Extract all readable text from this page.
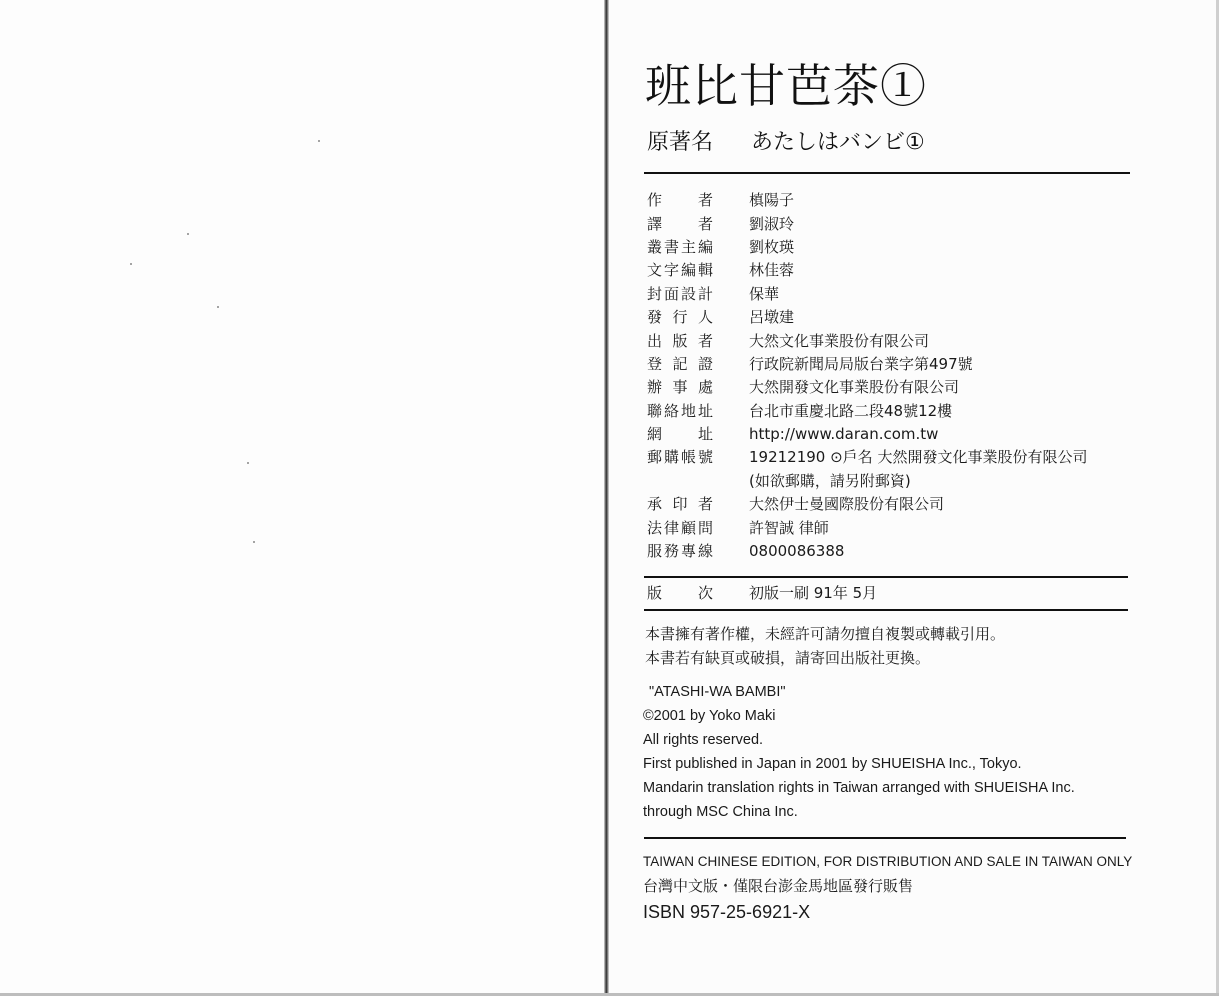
班比甘芭茶①
原著名 あたしはバンビ①
作者 槙陽子
譯者 劉淑玲
叢書主編 劉枚瑛
文字編輯 林佳蓉
封面設計 保華
發行人 呂墩建
出版者 大然文化事業股份有限公司
登記證 行政院新聞局局版台業字第497號
辦事處 大然開發文化事業股份有限公司
聯絡地址 台北市重慶北路二段48號12樓
網址 http://www.daran.com.tw
郵購帳號 19212190 ⊙戶名 大然開發文化事業股份有限公司
(如欲郵購，請另附郵資)
承印者 大然伊士曼國際股份有限公司
法律顧問 許智誠 律師
服務專線 0800086388
版次 初版一刷 91年 5月
本書擁有著作權，未經許可請勿擅自複製或轉載引用。
本書若有缺頁或破損，請寄回出版社更換。
"ATASHI-WA BAMBI"
©2001 by Yoko Maki
All rights reserved.
First published in Japan in 2001 by SHUEISHA Inc., Tokyo.
Mandarin translation rights in Taiwan arranged with SHUEISHA Inc.
through MSC China Inc.
TAIWAN CHINESE EDITION, FOR DISTRIBUTION AND SALE IN TAIWAN ONLY
台灣中文版・僅限台澎金馬地區發行販售
ISBN 957-25-6921-X
